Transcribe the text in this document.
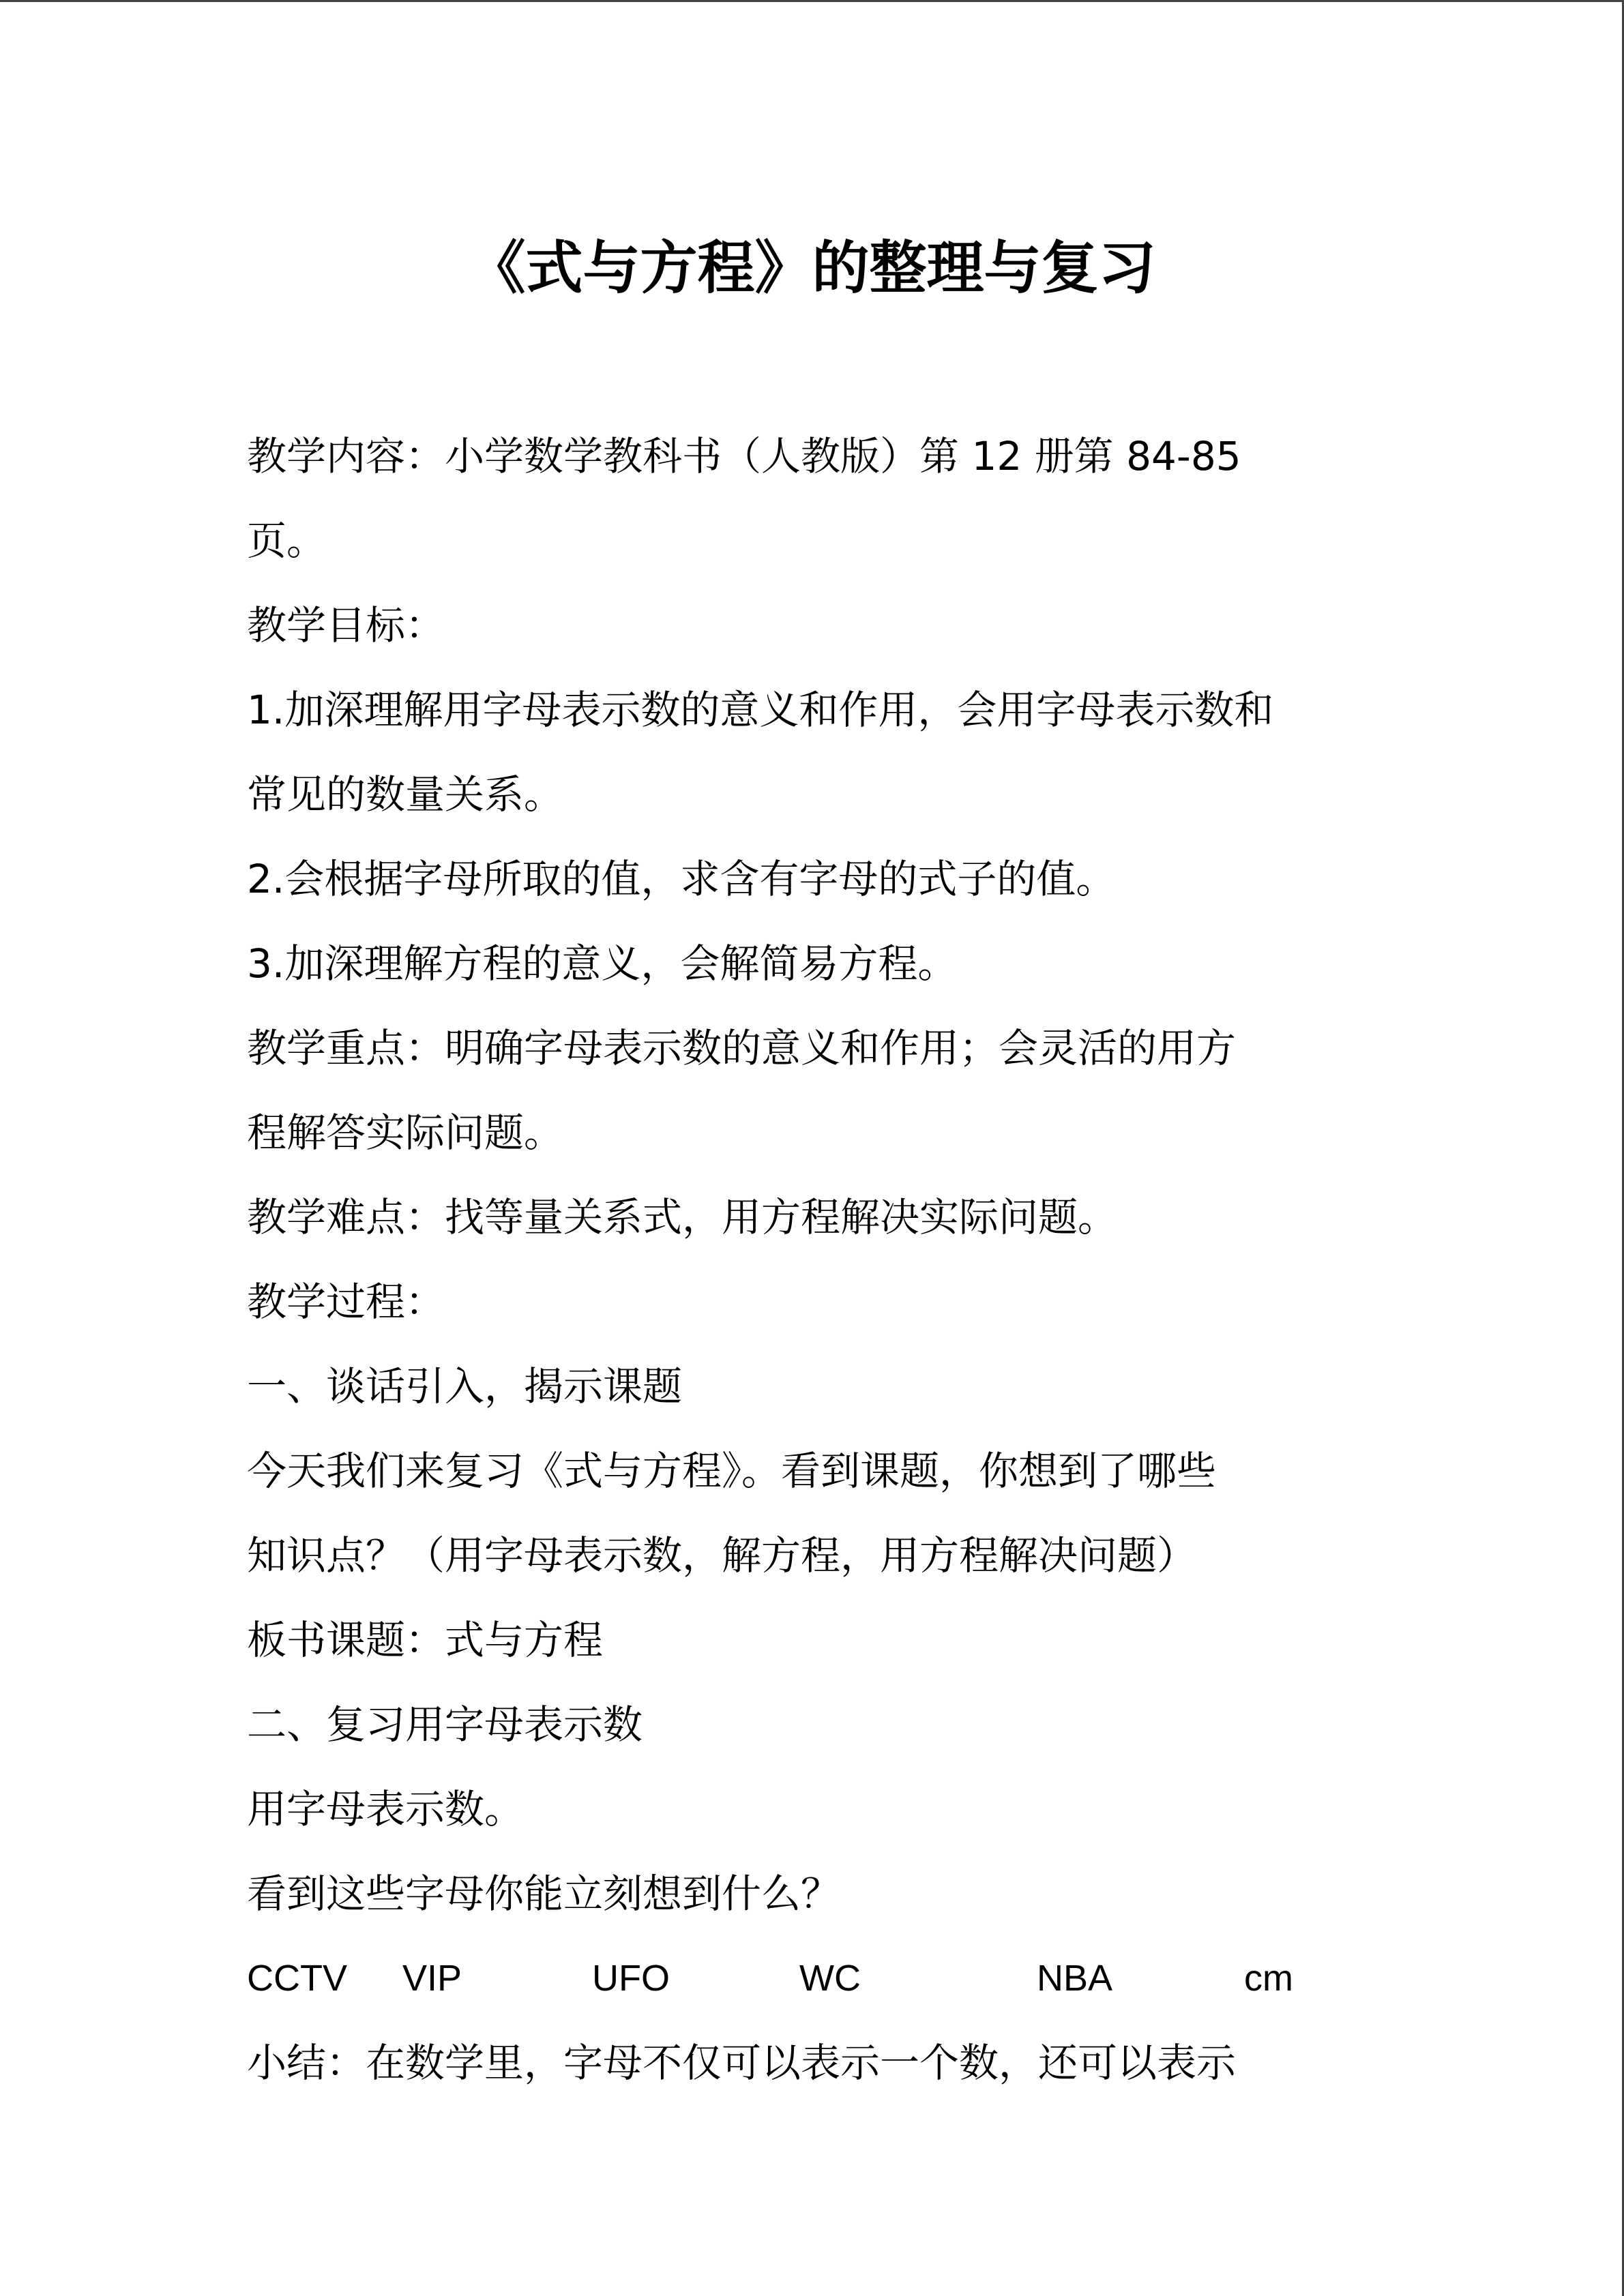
《式与方程》的整理与复习
教学内容：小学数学教科书（人教版）第 12 册第 84-85
页。
教学目标：
1.加深理解用字母表示数的意义和作用，会用字母表示数和
常见的数量关系。
2.会根据字母所取的值，求含有字母的式子的值。
3.加深理解方程的意义，会解简易方程。
教学重点：明确字母表示数的意义和作用；会灵活的用方
程解答实际问题。
教学难点：找等量关系式，用方程解决实际问题。
教学过程：
一、谈话引入，揭示课题
今天我们来复习《式与方程》。看到课题，你想到了哪些
知识点？（用字母表示数，解方程，用方程解决问题）
板书课题：式与方程
二、复习用字母表示数
用字母表示数。
看到这些字母你能立刻想到什么？
CCTV VIP	UFO	WC	NBA	cm
小结：在数学里，字母不仅可以表示一个数，还可以表示
